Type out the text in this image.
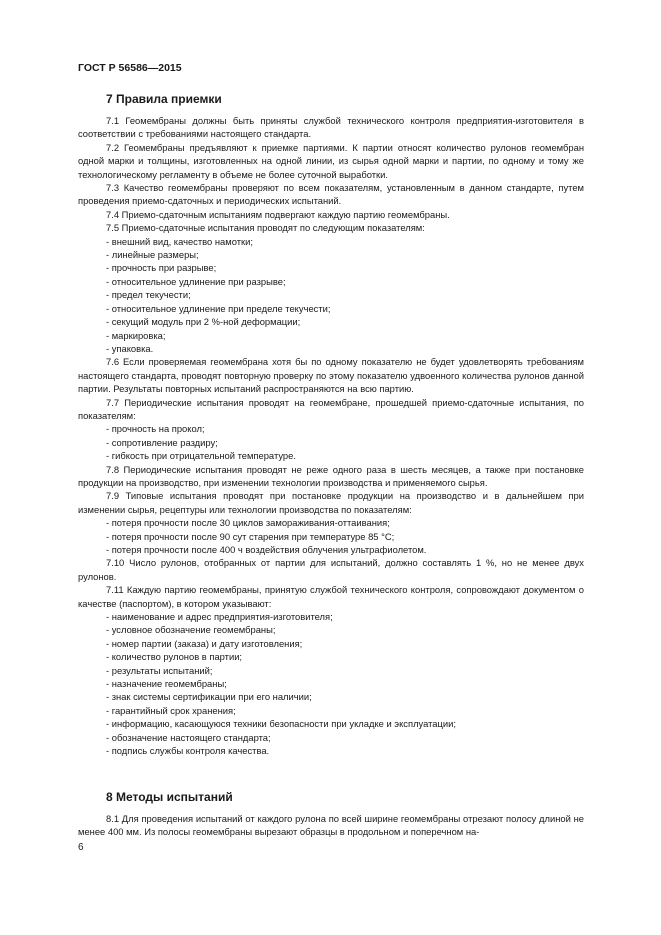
ГОСТ Р 56586—2015
7 Правила приемки

7.1 Геомембраны должны быть приняты службой технического контроля предприятия-изготовителя в соответствии с требованиями настоящего стандарта.

7.2 Геомембраны предъявляют к приемке партиями. К партии относят количество рулонов геомембран одной марки и толщины, изготовленных на одной линии, из сырья одной марки и партии, по одному и тому же технологическому регламенту в объеме не более суточной выработки.

7.3 Качество геомембраны проверяют по всем показателям, установленным в данном стандарте, путем проведения приемо-сдаточных и периодических испытаний.

7.4 Приемо-сдаточным испытаниям подвергают каждую партию геомембраны.

7.5 Приемо-сдаточные испытания проводят по следующим показателям:

- внешний вид, качество намотки;

- линейные размеры;

- прочность при разрыве;

- относительное удлинение при разрыве;

- предел текучести;

- относительное удлинение при пределе текучести;

- секущий модуль при 2 %-ной деформации;

- маркировка;

- упаковка.

7.6 Если проверяемая геомембрана хотя бы по одному показателю не будет удовлетворять требованиям настоящего стандарта, проводят повторную проверку по этому показателю удвоенного количества рулонов данной партии. Результаты повторных испытаний распространяются на всю партию.

7.7 Периодические испытания проводят на геомембране, прошедшей приемо-сдаточные испытания, по показателям:

- прочность на прокол;

- сопротивление раздиру;

- гибкость при отрицательной температуре.

7.8 Периодические испытания проводят не реже одного раза в шесть месяцев, а также при постановке продукции на производство, при изменении технологии производства и применяемого сырья.

7.9 Типовые испытания проводят при постановке продукции на производство и в дальнейшем при изменении сырья, рецептуры или технологии производства по показателям:

- потеря прочности после 30 циклов замораживания-оттаивания;

- потеря прочности после 90 сут старения при температуре 85 °С;

- потеря прочности после 400 ч воздействия облучения ультрафиолетом.

7.10 Число рулонов, отобранных от партии для испытаний, должно составлять 1 %, но не менее двух рулонов.

7.11 Каждую партию геомембраны, принятую службой технического контроля, сопровождают документом о качестве (паспортом), в котором указывают:

- наименование и адрес предприятия-изготовителя;

- условное обозначение геомембраны;

- номер партии (заказа) и дату изготовления;

- количество рулонов в партии;

- результаты испытаний;

- назначение геомембраны;

- знак системы сертификации при его наличии;

- гарантийный срок хранения;

- информацию, касающуюся техники безопасности при укладке и эксплуатации;

- обозначение настоящего стандарта;

- подпись службы контроля качества.

8 Методы испытаний

8.1 Для проведения испытаний от каждого рулона по всей ширине геомембраны отрезают полосу длиной не менее 400 мм. Из полосы геомембраны вырезают образцы в продольном и поперечном на-

6
